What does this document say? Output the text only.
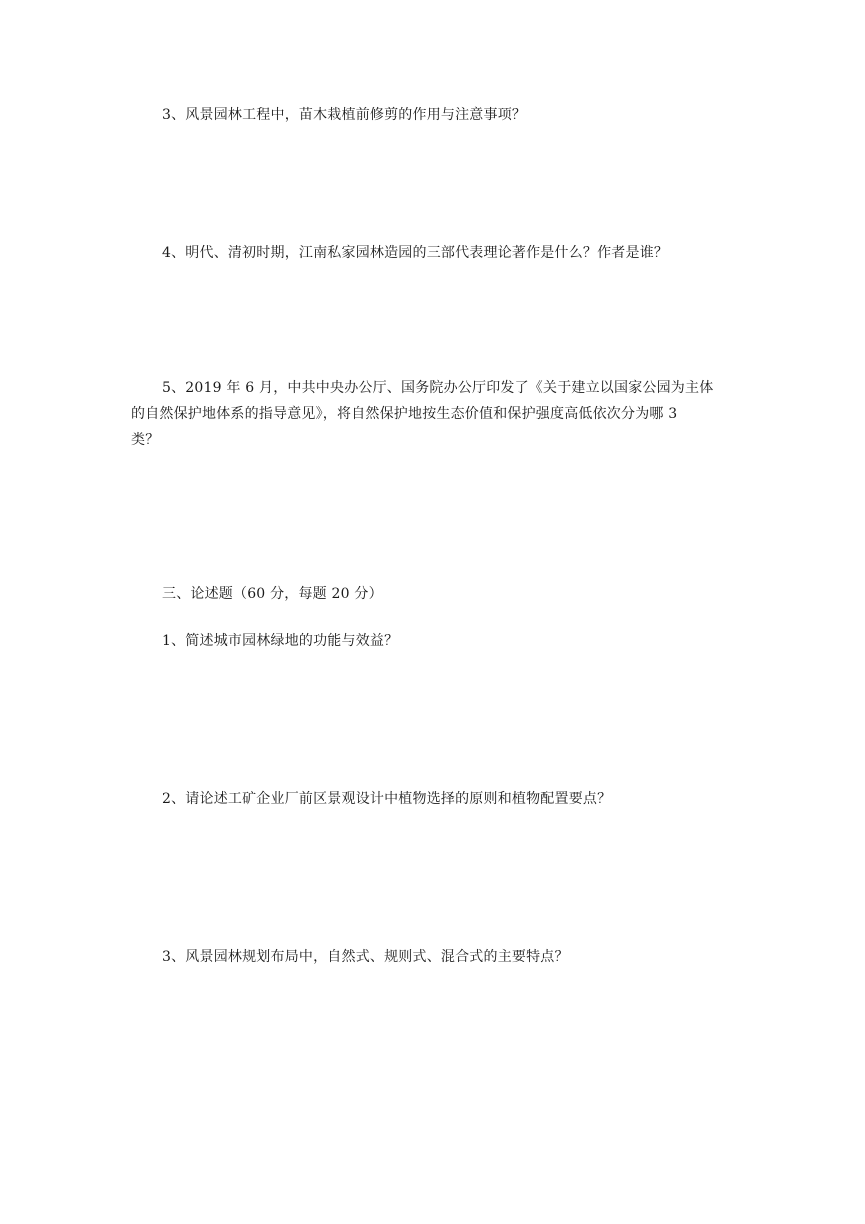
3、风景园林工程中，苗木栽植前修剪的作用与注意事项？
4、明代、清初时期，江南私家园林造园的三部代表理论著作是什么？作者是谁？
5、2019 年 6 月，中共中央办公厅、国务院办公厅印发了《关于建立以国家公园为主体
的自然保护地体系的指导意见》，将自然保护地按生态价值和保护强度高低依次分为哪 3
类？
三、论述题（60 分，每题 20 分）
1、简述城市园林绿地的功能与效益？
2、请论述工矿企业厂前区景观设计中植物选择的原则和植物配置要点？
3、风景园林规划布局中，自然式、规则式、混合式的主要特点？
